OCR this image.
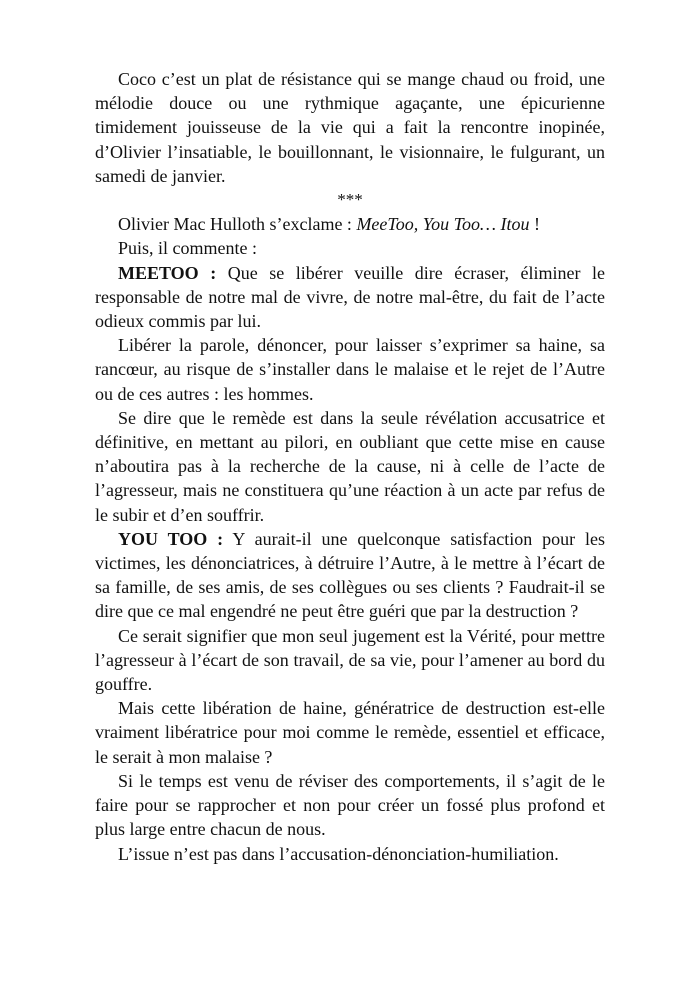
Coco c’est un plat de résistance qui se mange chaud ou froid, une mélodie douce ou une rythmique agaçante, une épicurienne timidement jouisseuse de la vie qui a fait la rencontre inopinée, d’Olivier l’insatiable, le bouillonnant, le visionnaire, le fulgurant, un samedi de janvier.

***

Olivier Mac Hulloth s’exclame : MeeToo, You Too… Itou !

Puis, il commente :

MEETOO : Que se libérer veuille dire écraser, éliminer le responsable de notre mal de vivre, de notre mal-être, du fait de l’acte odieux commis par lui.

Libérer la parole, dénoncer, pour laisser s’exprimer sa haine, sa rancœur, au risque de s’installer dans le malaise et le rejet de l’Autre ou de ces autres : les hommes.

Se dire que le remède est dans la seule révélation accusatrice et définitive, en mettant au pilori, en oubliant que cette mise en cause n’aboutira pas à la recherche de la cause, ni à celle de l’acte de l’agresseur, mais ne constituera qu’une réaction à un acte par refus de le subir et d’en souffrir.

YOU TOO : Y aurait-il une quelconque satisfaction pour les victimes, les dénonciatrices, à détruire l’Autre, à le mettre à l’écart de sa famille, de ses amis, de ses collègues ou ses clients ? Faudrait-il se dire que ce mal engendré ne peut être guéri que par la destruction ?

Ce serait signifier que mon seul jugement est la Vérité, pour mettre l’agresseur à l’écart de son travail, de sa vie, pour l’amener au bord du gouffre.

Mais cette libération de haine, génératrice de destruction est-elle vraiment libératrice pour moi comme le remède, essentiel et efficace, le serait à mon malaise ?

Si le temps est venu de réviser des comportements, il s’agit de le faire pour se rapprocher et non pour créer un fossé plus profond et plus large entre chacun de nous.

L’issue n’est pas dans l’accusation-dénonciation-humiliation.
